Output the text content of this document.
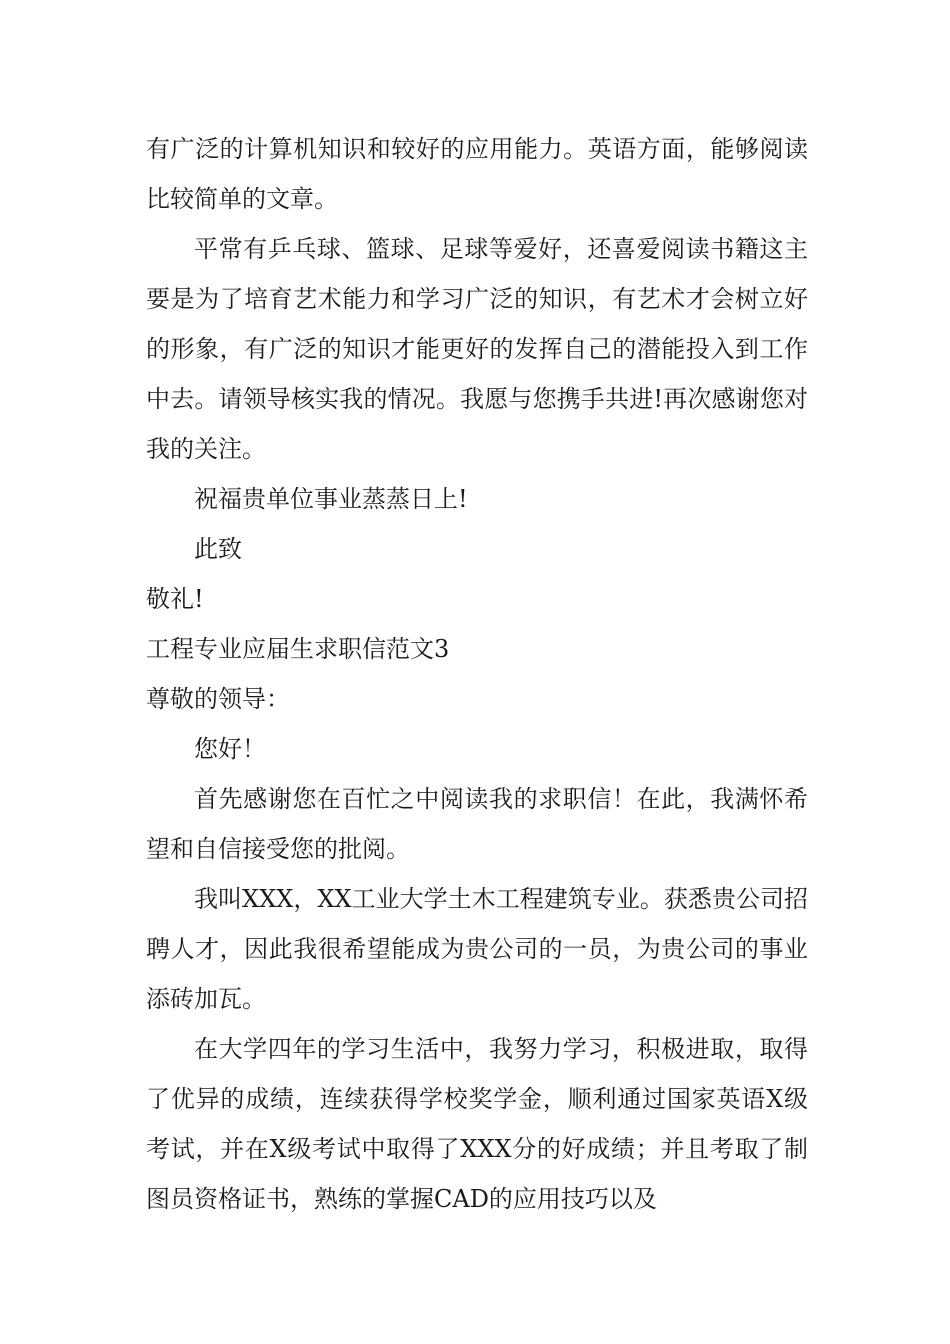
有广泛的计算机知识和较好的应用能力。英语方面，能够阅读比较简单的文章。

平常有乒乓球、篮球、足球等爱好，还喜爱阅读书籍这主要是为了培育艺术能力和学习广泛的知识，有艺术才会树立好的形象，有广泛的知识才能更好的发挥自己的潜能投入到工作中去。请领导核实我的情况。我愿与您携手共进!再次感谢您对我的关注。

祝福贵单位事业蒸蒸日上!

此致

敬礼!

工程专业应届生求职信范文3

尊敬的领导：

您好！

首先感谢您在百忙之中阅读我的求职信！在此，我满怀希望和自信接受您的批阅。

我叫XXX，XX工业大学土木工程建筑专业。获悉贵公司招聘人才，因此我很希望能成为贵公司的一员，为贵公司的事业添砖加瓦。

在大学四年的学习生活中，我努力学习，积极进取，取得了优异的成绩，连续获得学校奖学金，顺利通过国家英语X级考试，并在X级考试中取得了XXX分的好成绩；并且考取了制图员资格证书，熟练的掌握CAD的应用技巧以及
